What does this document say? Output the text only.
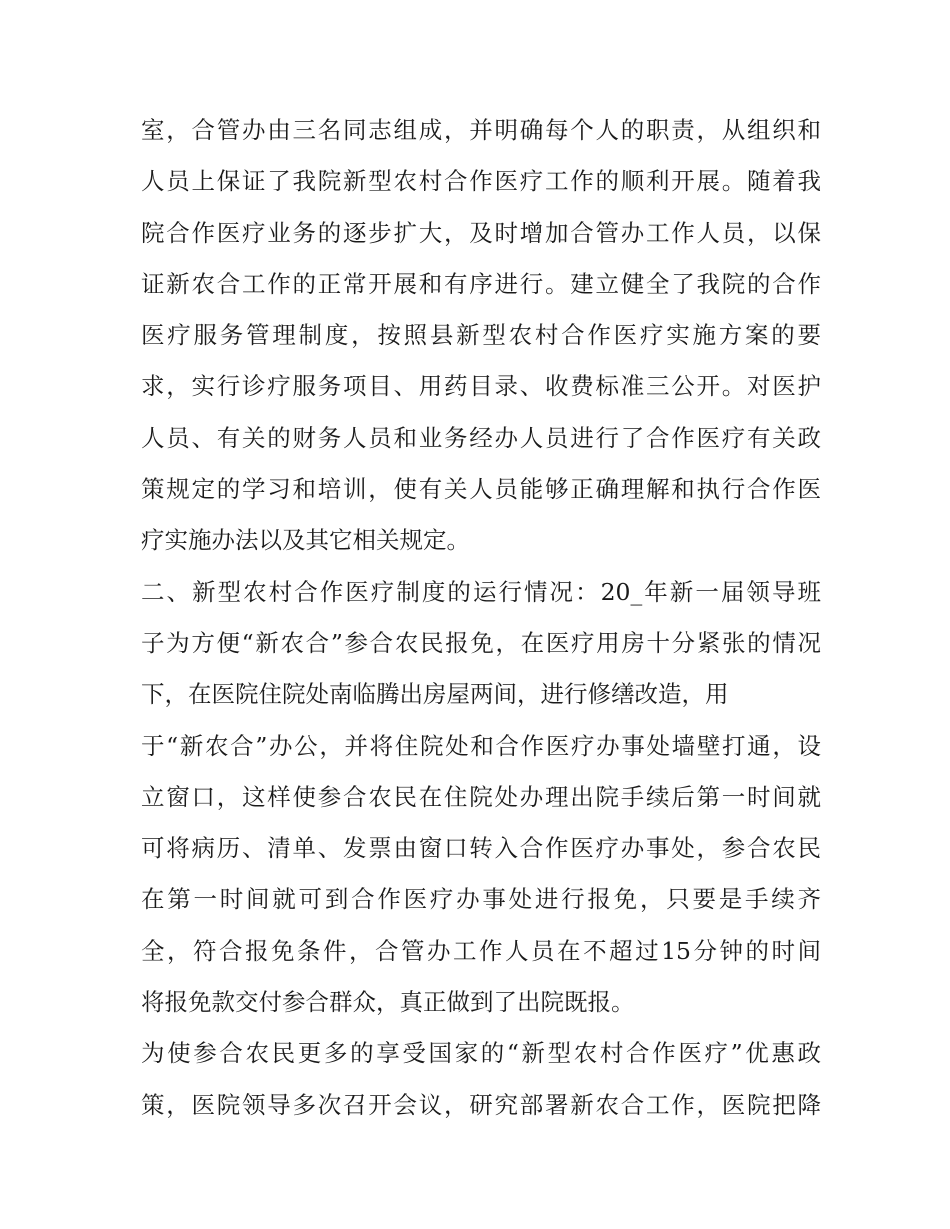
室，合管办由三名同志组成，并明确每个人的职责，从组织和
人员上保证了我院新型农村合作医疗工作的顺利开展。随着我
院合作医疗业务的逐步扩大，及时增加合管办工作人员，以保
证新农合工作的正常开展和有序进行。建立健全了我院的合作
医疗服务管理制度，按照县新型农村合作医疗实施方案的要
求，实行诊疗服务项目、用药目录、收费标准三公开。对医护
人员、有关的财务人员和业务经办人员进行了合作医疗有关政
策规定的学习和培训，使有关人员能够正确理解和执行合作医
疗实施办法以及其它相关规定。
二、新型农村合作医疗制度的运行情况：20_年新一届领导班
子为方便“新农合”参合农民报免，在医疗用房十分紧张的情况
下，在医院住院处南临腾出房屋两间，进行修缮改造，用
于“新农合”办公，并将住院处和合作医疗办事处墙壁打通，设
立窗口，这样使参合农民在住院处办理出院手续后第一时间就
可将病历、清单、发票由窗口转入合作医疗办事处，参合农民
在第一时间就可到合作医疗办事处进行报免，只要是手续齐
全，符合报免条件，合管办工作人员在不超过15分钟的时间
将报免款交付参合群众，真正做到了出院既报。
为使参合农民更多的享受国家的“新型农村合作医疗”优惠政
策，医院领导多次召开会议，研究部署新农合工作，医院把降
